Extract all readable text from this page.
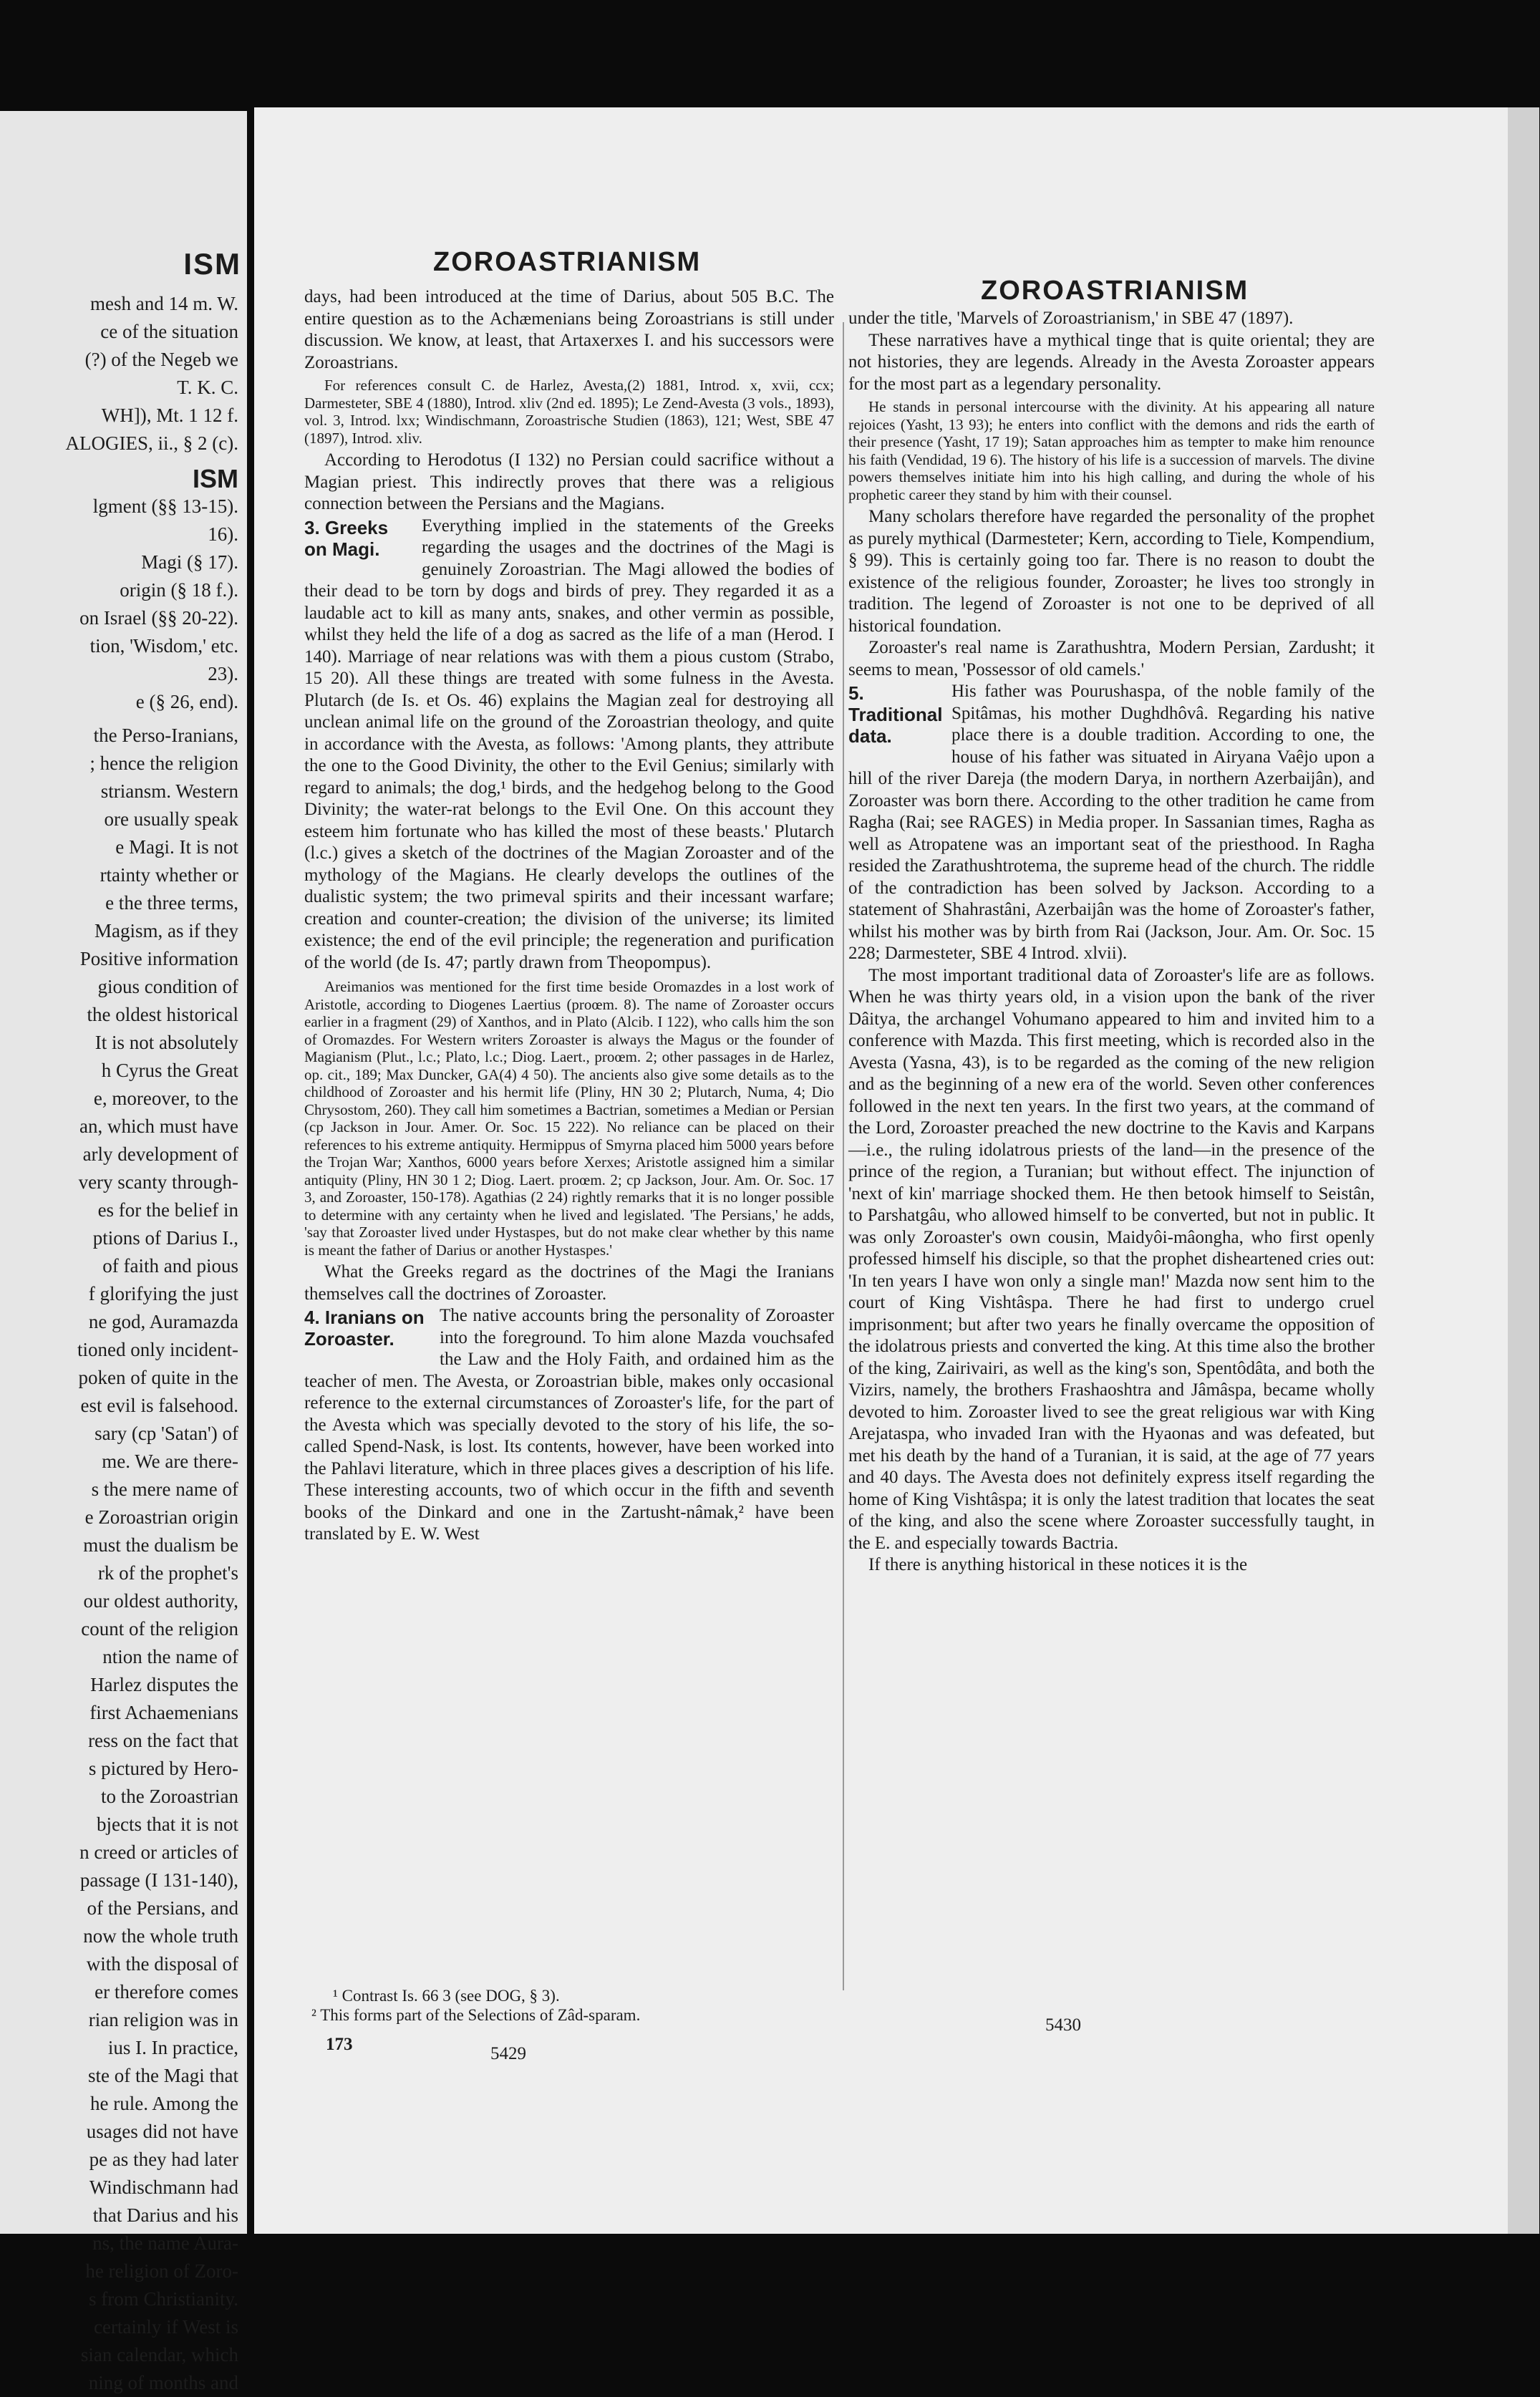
ISM
mesh and 14 m. W.
ce of the situation
(?) of the Negeb we
T. K. C.
WH]), Mt. 1 12 f.
ALOGIES, ii., § 2 (c).
ISM
lgment (§§ 13-15).
16).
Magi (§ 17).
origin (§ 18 f.).
on Israel (§§ 20-22).
tion, 'Wisdom,' etc.
23).
e (§ 26, end).
the Perso-Iranians,
; hence the religion
striansm. Western
ore usually speak
e Magi. It is not
rtainty whether or
e the three terms,
Magism, as if they
Positive information
gious condition of
the oldest historical
It is not absolutely
h Cyrus the Great
e, moreover, to the
an, which must have
arly development of
very scanty through-
es for the belief in
ptions of Darius I.,
of faith and pious
f glorifying the just
ne god, Auramazda
tioned only incident-
poken of quite in the
est evil is falsehood.
sary (cp 'Satan') of
me. We are there-
s the mere name of
e Zoroastrian origin
must the dualism be
rk of the prophet's
our oldest authority,
count of the religion
ntion the name of
Harlez disputes the
first Achaemenians
ress on the fact that
s pictured by Hero-
to the Zoroastrian
bjects that it is not
n creed or articles of
passage (I 131-140),
of the Persians, and
now the whole truth
with the disposal of
er therefore comes
rian religion was in
ius I. In practice,
ste of the Magi that
he rule. Among the
usages did not have
pe as they had later
Windischmann had
that Darius and his
ns, the name Aura-
he religion of Zoro-
s from Christianity.
certainly if West is
sian calendar, which
ning of months and
ZOROASTRIANISM
ZOROASTRIANISM

days, had been introduced at the time of Darius, about 505 B.C. The entire question as to the Achæmenians being Zoroastrians is still under discussion. We know, at least, that Artaxerxes I. and his successors were Zoroastrians.

For references consult C. de Harlez, Avesta,(2) 1881, Introd. x, xvii, ccx; Darmesteter, SBE 4 (1880), Introd. xliv (2nd ed. 1895); Le Zend-Avesta (3 vols., 1893), vol. 3, Introd. lxx; Windischmann, Zoroastrische Studien (1863), 121; West, SBE 47 (1897), Introd. xliv.

According to Herodotus (I 132) no Persian could sacrifice without a Magian priest. This indirectly proves that there was a religious connection between the Persians and the Magians.

3. Greeks on Magi.
Everything implied in the statements of the Greeks regarding the usages and the doctrines of the Magi is genuinely Zoroastrian. The Magi allowed the bodies of their dead to be torn by dogs and birds of prey. They regarded it as a laudable act to kill as many ants, snakes, and other vermin as possible, whilst they held the life of a dog as sacred as the life of a man (Herod. I 140). Marriage of near relations was with them a pious custom (Strabo, 15 20). All these things are treated with some fulness in the Avesta. Plutarch (de Is. et Os. 46) explains the Magian zeal for destroying all unclean animal life on the ground of the Zoroastrian theology, and quite in accordance with the Avesta, as follows: 'Among plants, they attribute the one to the Good Divinity, the other to the Evil Genius; similarly with regard to animals; the dog,¹ birds, and the hedgehog belong to the Good Divinity; the water-rat belongs to the Evil One. On this account they esteem him fortunate who has killed the most of these beasts.' Plutarch (l.c.) gives a sketch of the doctrines of the Magian Zoroaster and of the mythology of the Magians. He clearly develops the outlines of the dualistic system; the two primeval spirits and their incessant warfare; creation and counter-creation; the division of the universe; its limited existence; the end of the evil principle; the regeneration and purification of the world (de Is. 47; partly drawn from Theopompus).

Areimanios was mentioned for the first time beside Oromazdes in a lost work of Aristotle, according to Diogenes Laertius (proœm. 8). The name of Zoroaster occurs earlier in a fragment (29) of Xanthos, and in Plato (Alcib. I 122), who calls him the son of Oromazdes. For Western writers Zoroaster is always the Magus or the founder of Magianism (Plut., l.c.; Plato, l.c.; Diog. Laert., proœm. 2; other passages in de Harlez, op. cit., 189; Max Duncker, GA(4) 4 50). The ancients also give some details as to the childhood of Zoroaster and his hermit life (Pliny, HN 30 2; Plutarch, Numa, 4; Dio Chrysostom, 260). They call him sometimes a Bactrian, sometimes a Median or Persian (cp Jackson in Jour. Amer. Or. Soc. 15 222). No reliance can be placed on their references to his extreme antiquity. Hermippus of Smyrna placed him 5000 years before the Trojan War; Xanthos, 6000 years before Xerxes; Aristotle assigned him a similar antiquity (Pliny, HN 30 1 2; Diog. Laert. proœm. 2; cp Jackson, Jour. Am. Or. Soc. 17 3, and Zoroaster, 150-178). Agathias (2 24) rightly remarks that it is no longer possible to determine with any certainty when he lived and legislated. 'The Persians,' he adds, 'say that Zoroaster lived under Hystaspes, but do not make clear whether by this name is meant the father of Darius or another Hystaspes.'

What the Greeks regard as the doctrines of the Magi the Iranians themselves call the doctrines of Zoroaster.

4. Iranians on Zoroaster.
The native accounts bring the personality of Zoroaster into the foreground. To him alone Mazda vouchsafed the Law and the Holy Faith, and ordained him as the teacher of men. The Avesta, or Zoroastrian bible, makes only occasional reference to the external circumstances of Zoroaster's life, for the part of the Avesta which was specially devoted to the story of his life, the so-called Spend-Nask, is lost. Its contents, however, have been worked into the Pahlavi literature, which in three places gives a description of his life. These interesting accounts, two of which occur in the fifth and seventh books of the Dinkard and one in the Zartusht-nâmak,² have been translated by E. W. West

under the title, 'Marvels of Zoroastrianism,' in SBE 47 (1897).

These narratives have a mythical tinge that is quite oriental; they are not histories, they are legends. Already in the Avesta Zoroaster appears for the most part as a legendary personality.

He stands in personal intercourse with the divinity. At his appearing all nature rejoices (Yasht, 13 93); he enters into conflict with the demons and rids the earth of their presence (Yasht, 17 19); Satan approaches him as tempter to make him renounce his faith (Vendidad, 19 6). The history of his life is a succession of marvels. The divine powers themselves initiate him into his high calling, and during the whole of his prophetic career they stand by him with their counsel.

Many scholars therefore have regarded the personality of the prophet as purely mythical (Darmesteter; Kern, according to Tiele, Kompendium, § 99). This is certainly going too far. There is no reason to doubt the existence of the religious founder, Zoroaster; he lives too strongly in tradition. The legend of Zoroaster is not one to be deprived of all historical foundation.

Zoroaster's real name is Zarathushtra, Modern Persian, Zardusht; it seems to mean, 'Possessor of old camels.'

5. Traditional data.
His father was Pourushaspa, of the noble family of the Spitâmas, his mother Dughdhôvâ. Regarding his native place there is a double tradition. According to one, the house of his father was situated in Airyana Vaêjo upon a hill of the river Dareja (the modern Darya, in northern Azerbaijân), and Zoroaster was born there. According to the other tradition he came from Ragha (Rai; see RAGES) in Media proper. In Sassanian times, Ragha as well as Atropatene was an important seat of the priesthood. In Ragha resided the Zarathushtrotema, the supreme head of the church. The riddle of the contradiction has been solved by Jackson. According to a statement of Shahrastâni, Azerbaijân was the home of Zoroaster's father, whilst his mother was by birth from Rai (Jackson, Jour. Am. Or. Soc. 15 228; Darmesteter, SBE 4 Introd. xlvii).

The most important traditional data of Zoroaster's life are as follows. When he was thirty years old, in a vision upon the bank of the river Dâitya, the archangel Vohumano appeared to him and invited him to a conference with Mazda. This first meeting, which is recorded also in the Avesta (Yasna, 43), is to be regarded as the coming of the new religion and as the beginning of a new era of the world. Seven other conferences followed in the next ten years. In the first two years, at the command of the Lord, Zoroaster preached the new doctrine to the Kavis and Karpans—i.e., the ruling idolatrous priests of the land—in the presence of the prince of the region, a Turanian; but without effect. The injunction of 'next of kin' marriage shocked them. He then betook himself to Seistân, to Parshatgâu, who allowed himself to be converted, but not in public. It was only Zoroaster's own cousin, Maidyôi-mâongha, who first openly professed himself his disciple, so that the prophet disheartened cries out: 'In ten years I have won only a single man!' Mazda now sent him to the court of King Vishtâspa. There he had first to undergo cruel imprisonment; but after two years he finally overcame the opposition of the idolatrous priests and converted the king. At this time also the brother of the king, Zairivairi, as well as the king's son, Spentôdâta, and both the Vizirs, namely, the brothers Frashaoshtra and Jâmâspa, became wholly devoted to him. Zoroaster lived to see the great religious war with King Arejataspa, who invaded Iran with the Hyaonas and was defeated, but met his death by the hand of a Turanian, it is said, at the age of 77 years and 40 days. The Avesta does not definitely express itself regarding the home of King Vishtâspa; it is only the latest tradition that locates the seat of the king, and also the scene where Zoroaster successfully taught, in the E. and especially towards Bactria.

If there is anything historical in these notices it is the

¹ Contrast Is. 66 3 (see DOG, § 3).
² This forms part of the Selections of Zâd-sparam.
173	5429
5430
